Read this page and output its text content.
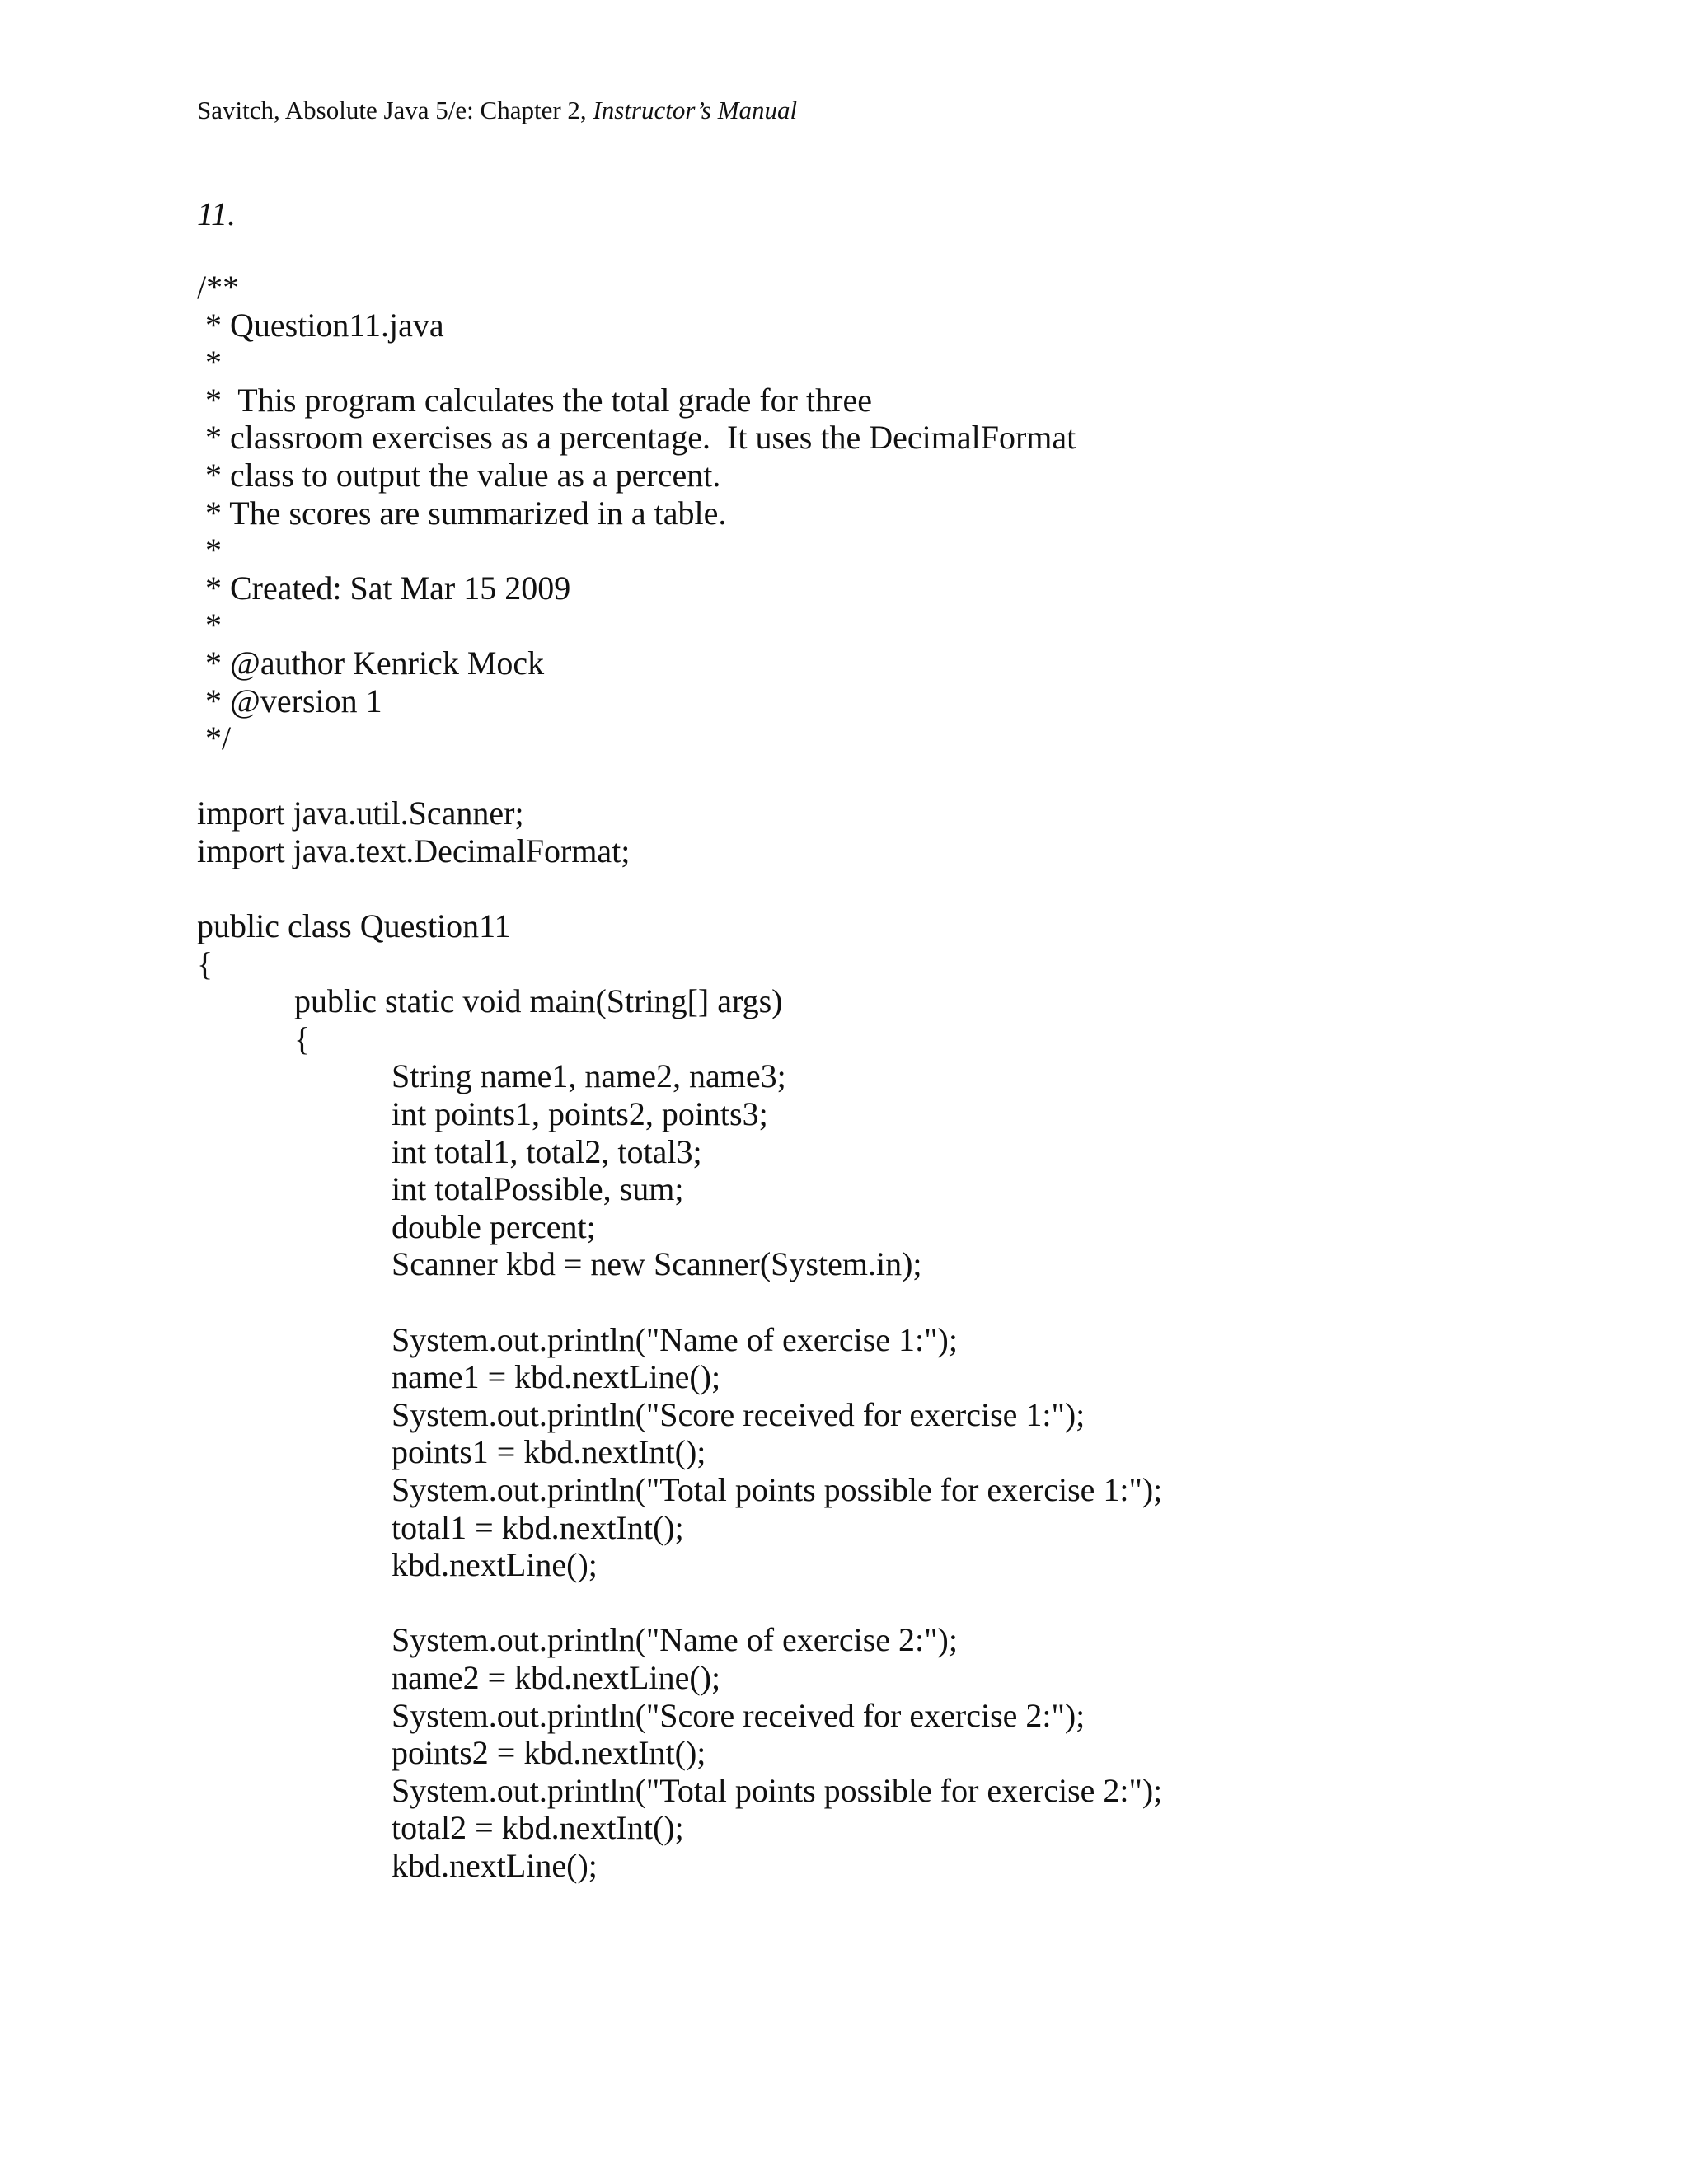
Savitch, Absolute Java 5/e: Chapter 2, Instructor’s Manual
11.
/**
* Question11.java
*
*  This program calculates the total grade for three
* classroom exercises as a percentage.  It uses the DecimalFormat
* class to output the value as a percent.
* The scores are summarized in a table.
*
* Created: Sat Mar 15 2009
*
* @author Kenrick Mock
* @version 1
*/
import java.util.Scanner;
import java.text.DecimalFormat;
public class Question11
{
public static void main(String[] args)
{
String name1, name2, name3;
int points1, points2, points3;
int total1, total2, total3;
int totalPossible, sum;
double percent;
Scanner kbd = new Scanner(System.in);
System.out.println("Name of exercise 1:");
name1 = kbd.nextLine();
System.out.println("Score received for exercise 1:");
points1 = kbd.nextInt();
System.out.println("Total points possible for exercise 1:");
total1 = kbd.nextInt();
kbd.nextLine();
System.out.println("Name of exercise 2:");
name2 = kbd.nextLine();
System.out.println("Score received for exercise 2:");
points2 = kbd.nextInt();
System.out.println("Total points possible for exercise 2:");
total2 = kbd.nextInt();
kbd.nextLine();
